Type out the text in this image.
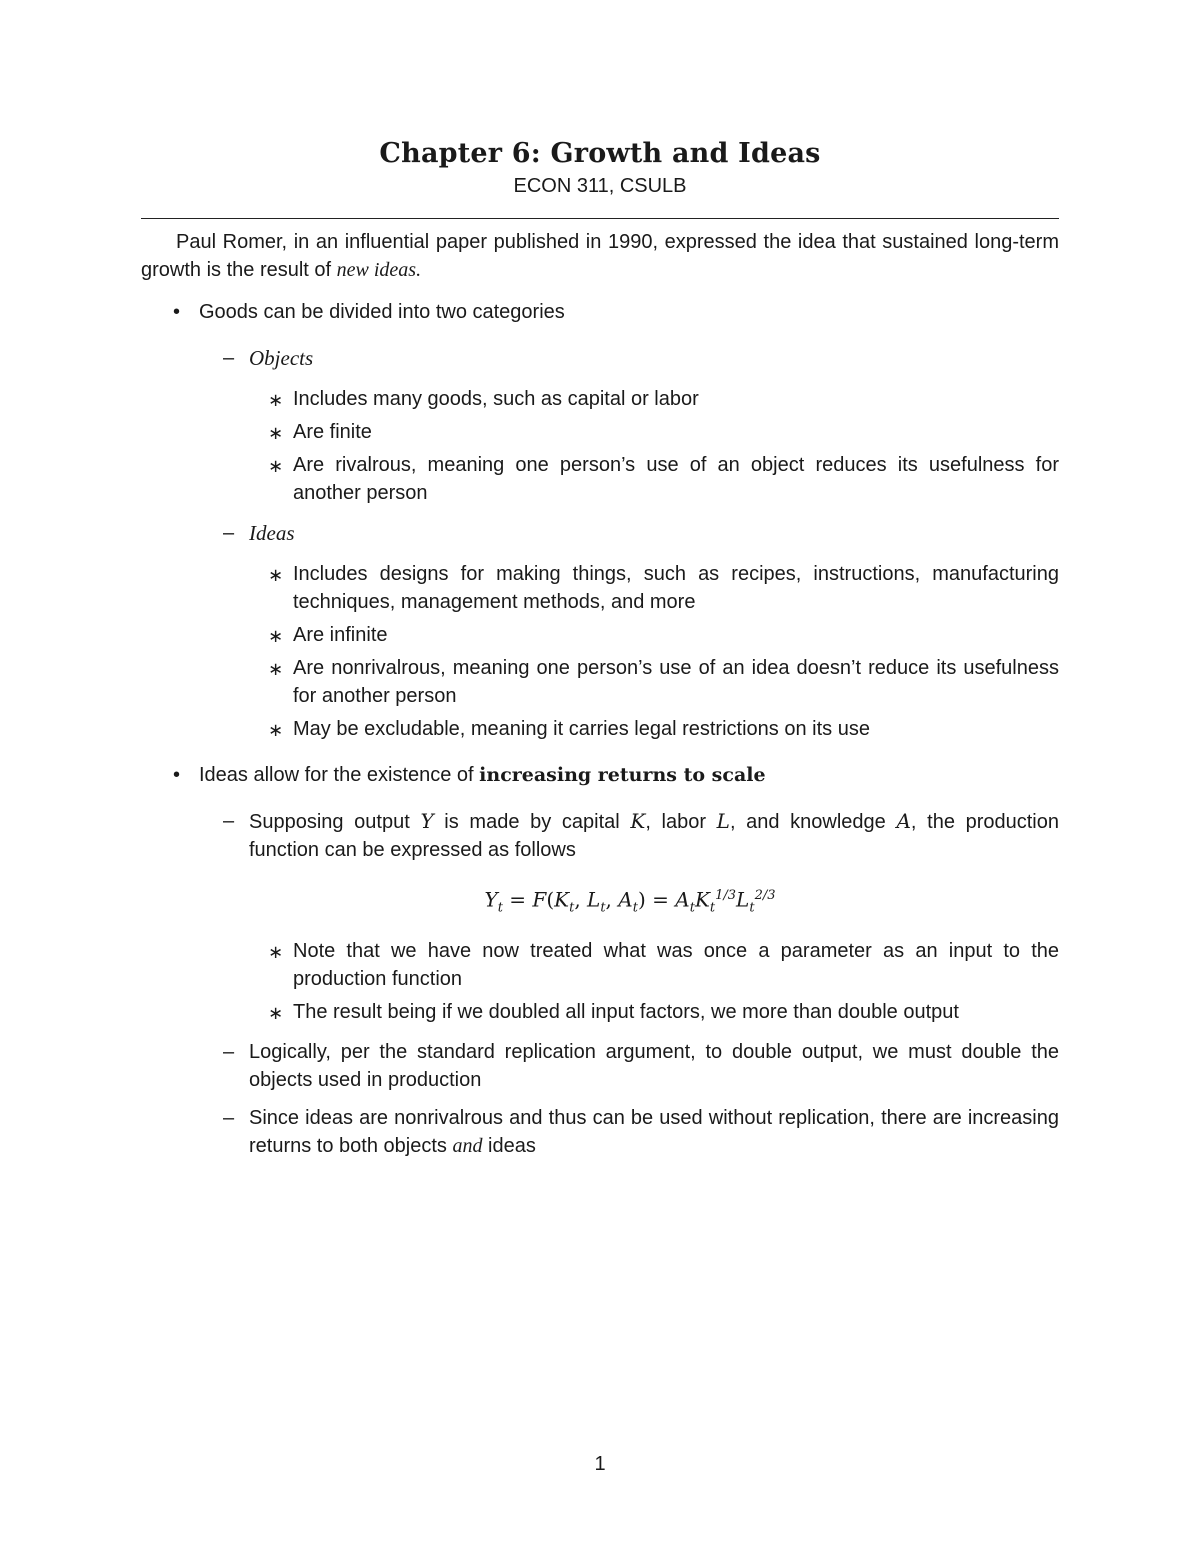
Chapter 6: Growth and Ideas
ECON 311, CSULB

Paul Romer, in an influential paper published in 1990, expressed the idea that sustained long-term growth is the result of new ideas.

• Goods can be divided into two categories
– Objects
∗ Includes many goods, such as capital or labor
∗ Are finite
∗ Are rivalrous, meaning one person’s use of an object reduces its usefulness for another person
– Ideas
∗ Includes designs for making things, such as recipes, instructions, manufacturing techniques, management methods, and more
∗ Are infinite
∗ Are nonrivalrous, meaning one person’s use of an idea doesn’t reduce its usefulness for another person
∗ May be excludable, meaning it carries legal restrictions on its use
• Ideas allow for the existence of increasing returns to scale
– Supposing output Y is made by capital K, labor L, and knowledge A, the production function can be expressed as follows
$Y_t = F(K_t$, $L_t$, $A_t) = A_tK_t^{1/3}L_t^{2/3}$
∗ Note that we have now treated what was once a parameter as an input to the production function
∗ The result being if we doubled all input factors, we more than double output
– Logically, per the standard replication argument, to double output, we must double the objects used in production
– Since ideas are nonrivalrous and thus can be used without replication, there are increasing returns to both objects and ideas
1
